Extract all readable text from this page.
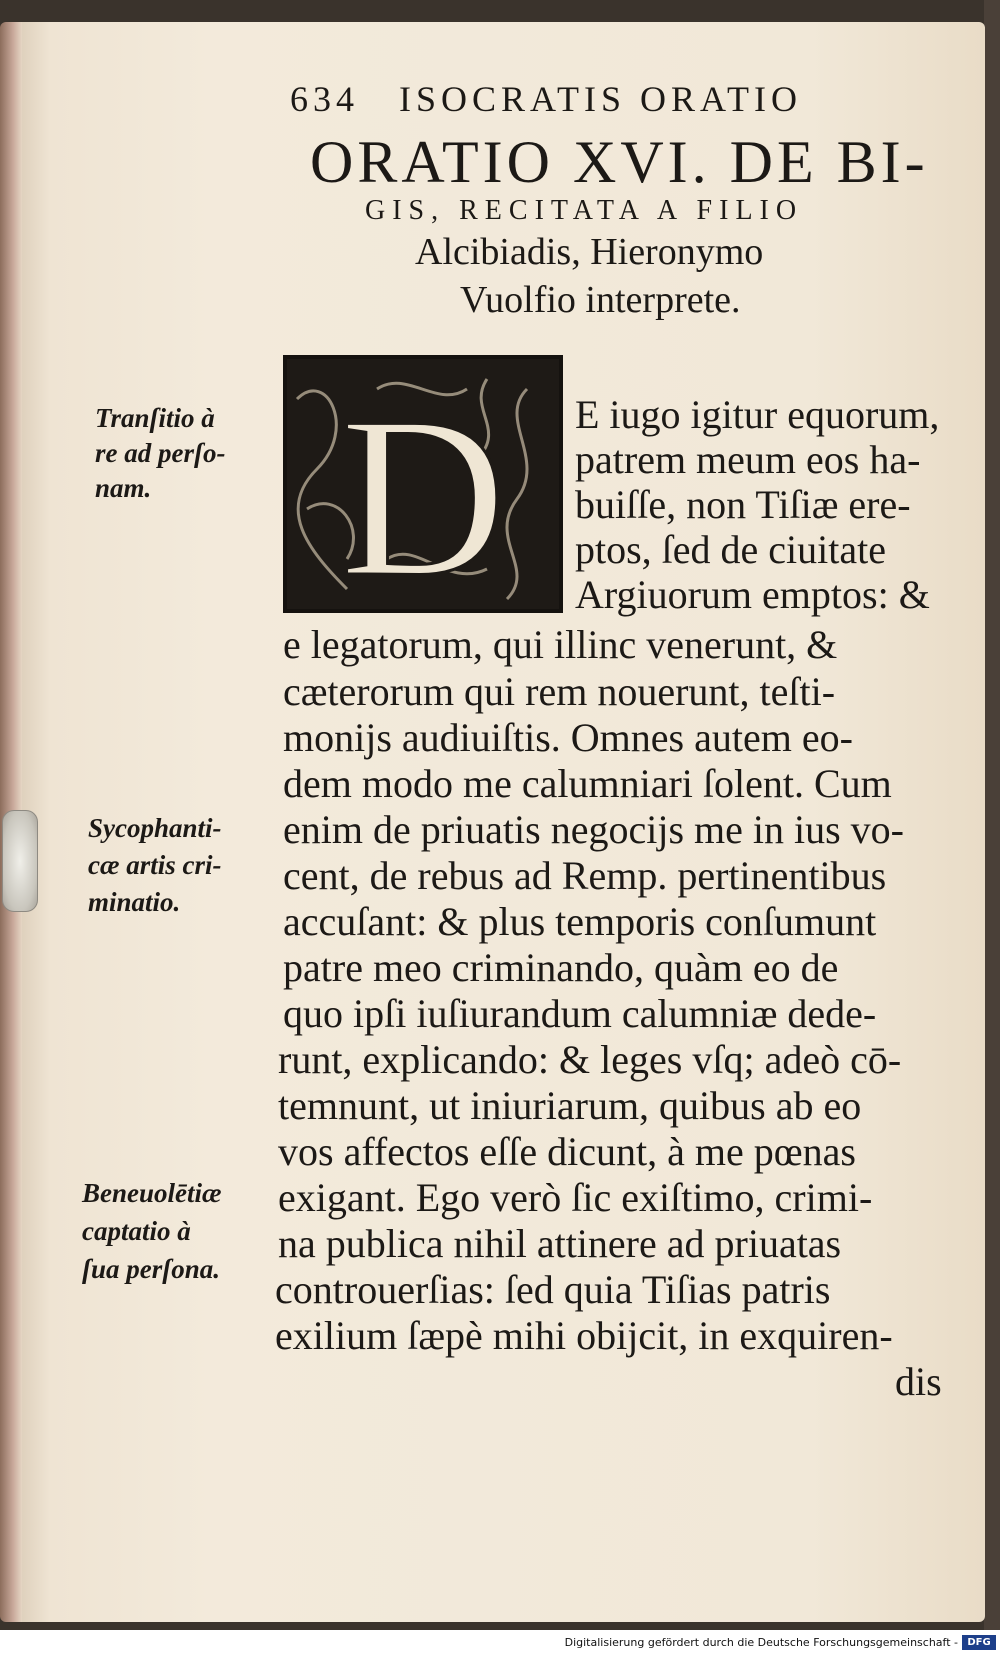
634 ISOCRATIS ORATIO
ORATIO XVI. DE BI-
GIS, RECITATA A FILIO
Alcibiadis, Hieronymo
Vuolfio interprete.
D E iugo igitur equorum,
patrem meum eos ha-
buiſſe, non Tiſiæ ere-
ptos, ſed de ciuitate
Argiuorum emptos: &
e legatorum, qui illinc venerunt, &
cæterorum qui rem nouerunt, teſti-
monijs audiuiſtis. Omnes autem eo-
dem modo me calumniari ſolent. Cum
enim de priuatis negocijs me in ius vo-
cent, de rebus ad Remp. pertinentibus
accuſant: & plus temporis conſumunt
patre meo criminando, quàm eo de
quo ipſi iuſiurandum calumniæ dede-
runt, explicando: & leges vſq; adeò cō-
temnunt, ut iniuriarum, quibus ab eo
vos affectos eſſe dicunt, à me pœnas
exigant. Ego verò ſic exiſtimo, crimi-
na publica nihil attinere ad priuatas
controuerſias: ſed quia Tiſias patris
exilium ſæpè mihi obijcit, in exquiren-
dis
Tranſitio à
re ad perſo-
nam.
Sycophanti-
cæ artis cri-
minatio.
Beneuolētiæ
captatio à
ſua perſona.
Digitalisierung gefördert durch die Deutsche Forschungsgemeinschaft - DFG
